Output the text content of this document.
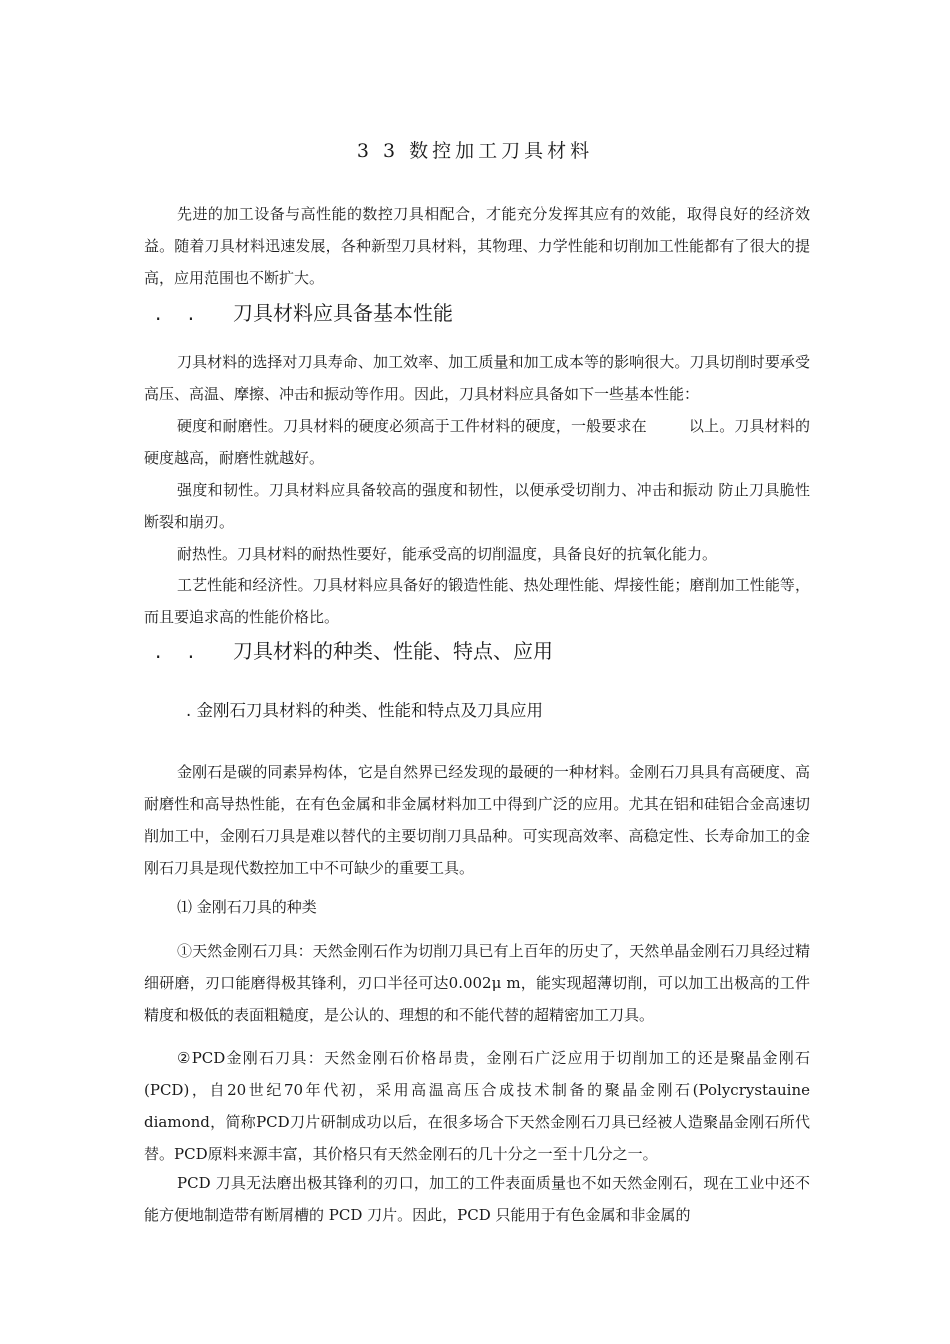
3 3 数控加工刀具材料

先进的加工设备与高性能的数控刀具相配合，才能充分发挥其应有的效能，取得良好的经济效益。随着刀具材料迅速发展，各种新型刀具材料，其物理、力学性能和切削加工性能都有了很大的提高，应用范围也不断扩大。

. . 刀具材料应具备基本性能

刀具材料的选择对刀具寿命、加工效率、加工质量和加工成本等的影响很大。刀具切削时要承受高压、高温、摩擦、冲击和振动等作用。因此，刀具材料应具备如下一些基本性能：

硬度和耐磨性。刀具材料的硬度必须高于工件材料的硬度，一般要求在	以上。刀具材料的硬度越高，耐磨性就越好。

强度和韧性。刀具材料应具备较高的强度和韧性，以便承受切削力、冲击和振动 防止刀具脆性断裂和崩刃。

耐热性。刀具材料的耐热性要好，能承受高的切削温度，具备良好的抗氧化能力。

工艺性能和经济性。刀具材料应具备好的锻造性能、热处理性能、焊接性能；磨削加工性能等，而且要追求高的性能价格比。

. . 刀具材料的种类、性能、特点、应用
. 金刚石刀具材料的种类、性能和特点及刀具应用

金刚石是碳的同素异构体，它是自然界已经发现的最硬的一种材料。金刚石刀具具有高硬度、高耐磨性和高导热性能，在有色金属和非金属材料加工中得到广泛的应用。尤其在铝和硅铝合金高速切削加工中，金刚石刀具是难以替代的主要切削刀具品种。可实现高效率、高稳定性、长寿命加工的金刚石刀具是现代数控加工中不可缺少的重要工具。

⑴ 金刚石刀具的种类

①天然金刚石刀具：天然金刚石作为切削刀具已有上百年的历史了，天然单晶金刚石刀具经过精细研磨，刃口能磨得极其锋利，刃口半径可达0.002μ m，能实现超薄切削，可以加工出极高的工件精度和极低的表面粗糙度，是公认的、理想的和不能代替的超精密加工刀具。

②PCD金刚石刀具：天然金刚石价格昂贵，金刚石广泛应用于切削加工的还是聚晶金刚石(PCD)，自20世纪70年代初，采用高温高压合成技术制备的聚晶金刚石(Polycrystauine diamond，简称PCD刀片研制成功以后，在很多场合下天然金刚石刀具已经被人造聚晶金刚石所代替。PCD原料来源丰富，其价格只有天然金刚石的几十分之一至十几分之一。

PCD 刀具无法磨出极其锋利的刃口，加工的工件表面质量也不如天然金刚石，现在工业中还不能方便地制造带有断屑槽的 PCD 刀片。因此，PCD 只能用于有色金属和非金属的
